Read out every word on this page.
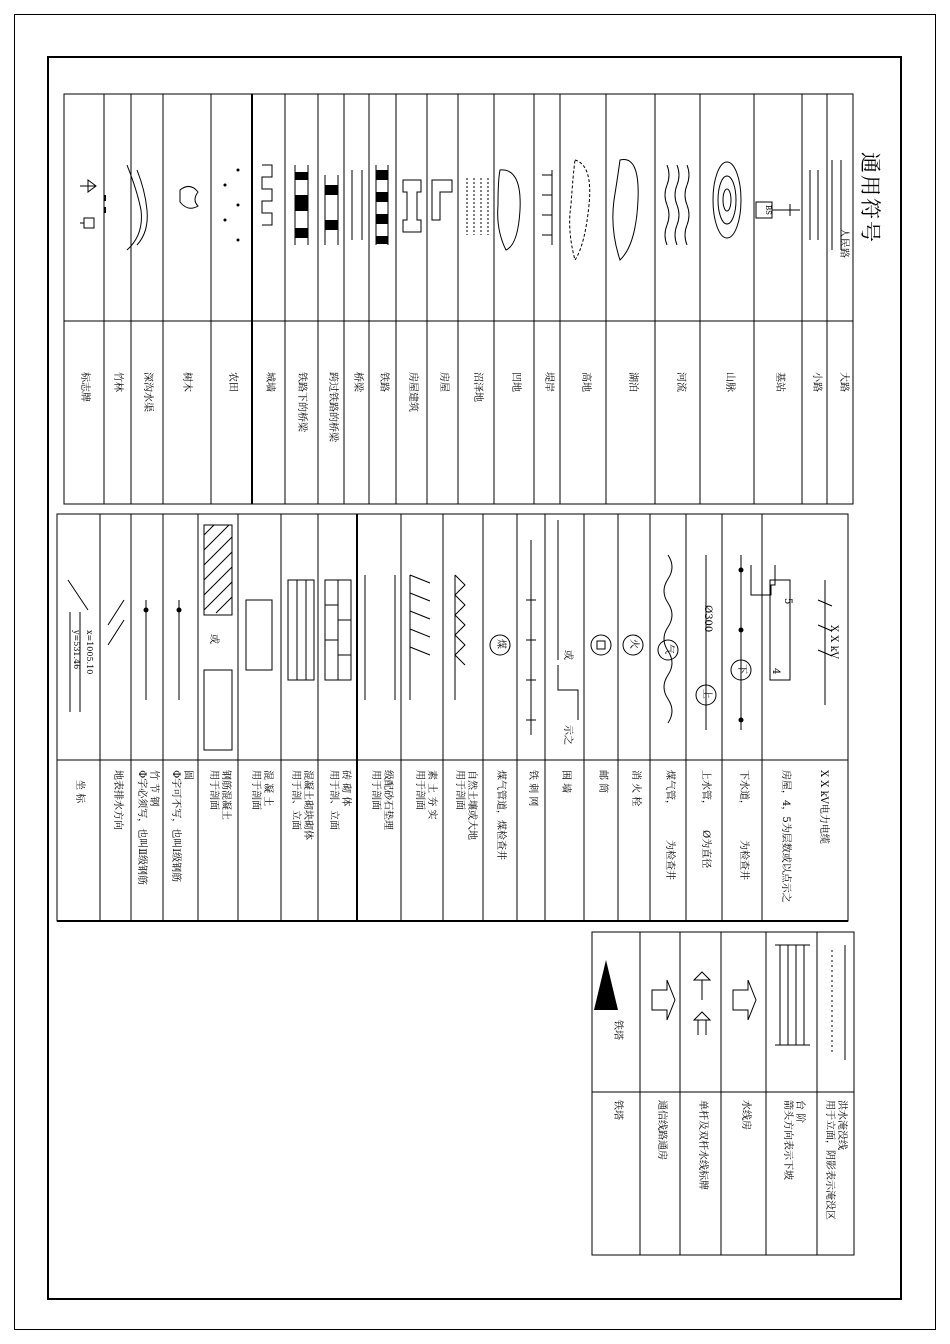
通用符号
人民路
BS
大路
小路
基站
山脉
河流
湖泊
高地
堤岸
凹地
沼泽地
房屋
房屋建筑
铁路
桥梁
跨过铁路的桥梁
铁路下的桥梁
城墙
农田
树木
深沟水渠
竹林
标志牌
X X kV
5
4
下
Ø300
上
气
火
或
示之
煤
或
x=1005.10
y=531.46
X X kV电力电缆
房屋，4，5为层数或以点示之
下水道，
为检查井
上水管，
Ø为直径
煤气管，
为检查井
消 火 栓
邮 筒
围 墙
铁 刺 网
煤气管道，煤检查井
自然土壤或大地
用于剖面
素 土 夯 实
用于剖面
级配砂石垫理
用于剖面
砖 砌 体
用于剖、立面
混凝土砌块砌体
用于剖、立面
混 凝 土
用于剖面
钢筋混凝土
用于剖面
圆
Φ字可不写，也叫Ⅰ级钢筋
竹 节 钢
Φ字必须写，也叫Ⅱ级钢筋
地表排水方向
坐 标
洪水淹没线
用于立面，阴影表示淹没区
台 阶
箭头方向表示下坡
水线房
单杆及双杆水线标牌
通信线路通房
铁塔
铁塔
